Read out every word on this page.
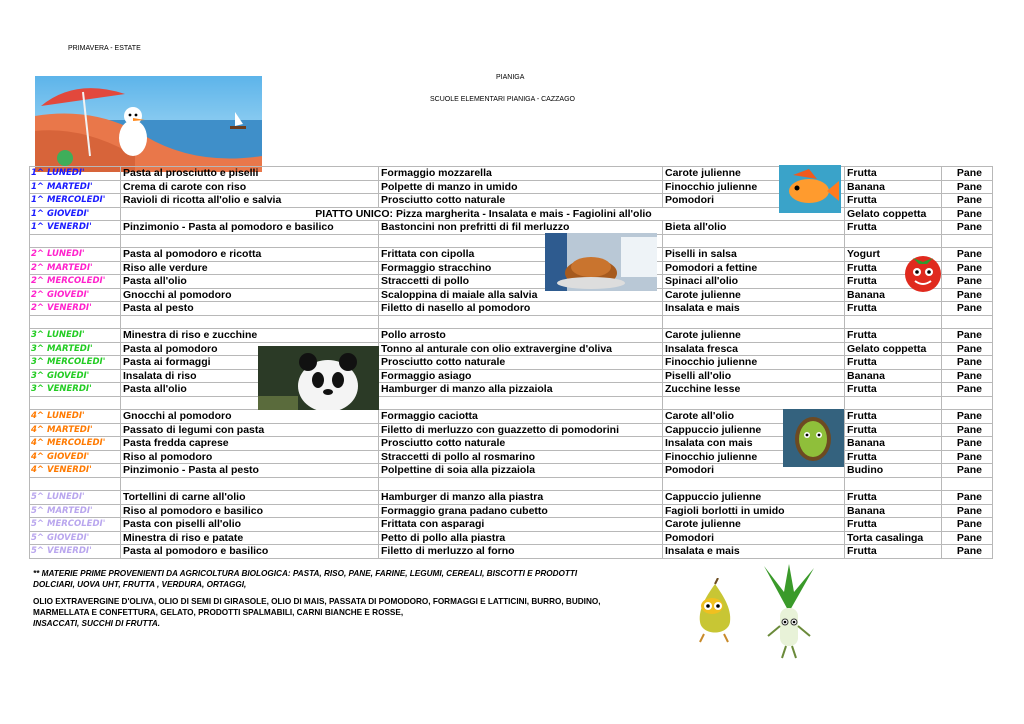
PRIMAVERA - ESTATE
PIANIGA
SCUOLE ELEMENTARI PIANIGA - CAZZAGO
1^ LUNEDI'	Pasta al prosciutto e piselli	Formaggio mozzarella	Carote julienne	Frutta	Pane
1^ MARTEDI'	Crema di carote con riso	Polpette di manzo in umido	Finocchio julienne	Banana	Pane
1^ MERCOLEDI'	Ravioli di ricotta all'olio e salvia	Prosciutto cotto naturale	Pomodori	Frutta	Pane
1^ GIOVEDI'	PIATTO UNICO: Pizza margherita - Insalata e mais - Fagiolini all'olio			Gelato coppetta	Pane
1^ VENERDI'	Pinzimonio - Pasta al pomodoro e basilico	Bastoncini non prefritti di fil merluzzo	Bieta all'olio	Frutta	Pane

2^ LUNEDI'	Pasta al pomodoro e ricotta	Frittata con cipolla	Piselli in salsa	Yogurt	Pane
2^ MARTEDI'	Riso alle verdure	Formaggio stracchino	Pomodori a fettine	Frutta	Pane
2^ MERCOLEDI'	Pasta all'olio	Straccetti di pollo	Spinaci all'olio	Frutta	Pane
2^ GIOVEDI'	Gnocchi al pomodoro	Scaloppina di maiale alla salvia	Carote julienne	Banana	Pane
2^ VENERDI'	Pasta al pesto	Filetto di nasello al pomodoro	Insalata e mais	Frutta	Pane

3^ LUNEDI'	Minestra di riso e zucchine	Pollo arrosto	Carote julienne	Frutta	Pane
3^ MARTEDI'	Pasta al pomodoro	Tonno al anturale con olio extravergine d'oliva	Insalata fresca	Gelato coppetta	Pane
3^ MERCOLEDI'	Pasta ai formaggi	Prosciutto cotto naturale	Finocchio julienne	Frutta	Pane
3^ GIOVEDI'	Insalata di riso	Formaggio asiago	Piselli all'olio	Banana	Pane
3^ VENERDI'	Pasta all'olio	Hamburger di manzo alla pizzaiola	Zucchine lesse	Frutta	Pane

4^ LUNEDI'	Gnocchi al pomodoro	Formaggio caciotta	Carote all'olio	Frutta	Pane
4^ MARTEDI'	Passato di legumi con pasta	Filetto di merluzzo con guazzetto di pomodorini	Cappuccio julienne	Frutta	Pane
4^ MERCOLEDI'	Pasta fredda caprese	Prosciutto cotto naturale	Insalata con mais	Banana	Pane
4^ GIOVEDI'	Riso al pomodoro	Straccetti di pollo al rosmarino	Finocchio julienne	Frutta	Pane
4^ VENERDI'	Pinzimonio - Pasta al pesto	Polpettine di soia alla pizzaiola	Pomodori	Budino	Pane

5^ LUNEDI'	Tortellini di carne all'olio	Hamburger di manzo alla piastra	Cappuccio julienne	Frutta	Pane
5^ MARTEDI'	Riso al pomodoro e basilico	Formaggio grana padano cubetto	Fagioli borlotti in umido	Banana	Pane
5^ MERCOLEDI'	Pasta con piselli all'olio	Frittata con asparagi	Carote julienne	Frutta	Pane
5^ GIOVEDI'	Minestra di riso e patate	Petto di pollo alla piastra	Pomodori	Torta casalinga	Pane
5^ VENERDI'	Pasta al pomodoro e basilico	Filetto di merluzzo al forno	Insalata e mais	Frutta	Pane

** MATERIE PRIME PROVENIENTI DA AGRICOLTURA BIOLOGICA: PASTA, RISO, PANE, FARINE, LEGUMI, CEREALI, BISCOTTI E PRODOTTI

DOLCIARI, UOVA UHT, FRUTTA , VERDURA, ORTAGGI,

OLIO EXTRAVERGINE D'OLIVA, OLIO DI SEMI DI GIRASOLE, OLIO DI MAIS, PASSATA DI POMODORO, FORMAGGI E LATTICINI, BURRO, BUDINO,

MARMELLATA E CONFETTURA, GELATO, PRODOTTI SPALMABILI, CARNI BIANCHE E ROSSE,

INSACCATI, SUCCHI DI FRUTTA.
